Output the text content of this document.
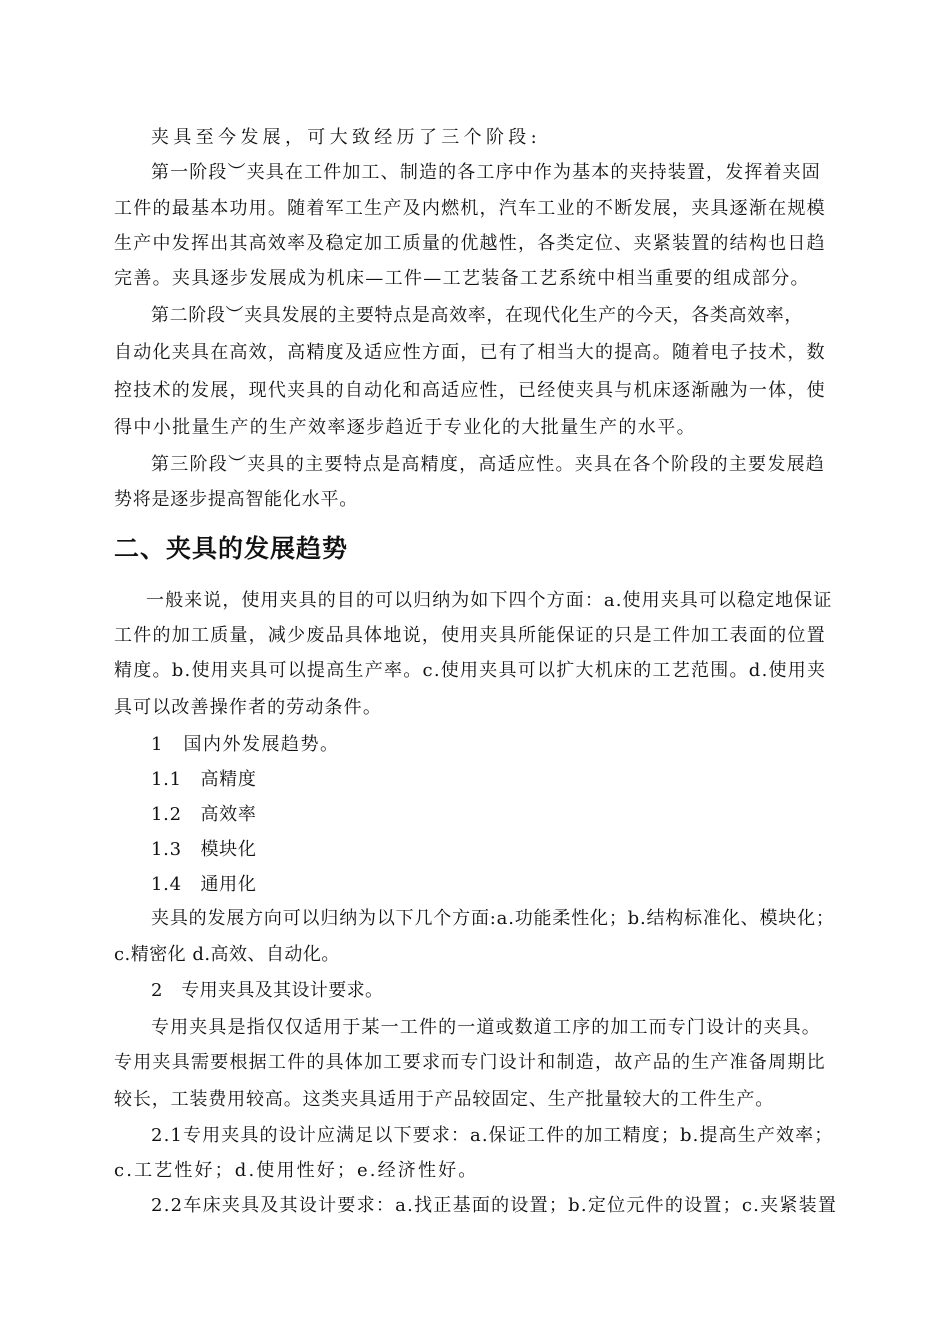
夹具至今发展，可大致经历了三个阶段:
第一阶段︶夹具在工件加工、制造的各工序中作为基本的夹持装置，发挥着夹固
工件的最基本功用。随着军工生产及内燃机，汽车工业的不断发展，夹具逐渐在规模
生产中发挥出其高效率及稳定加工质量的优越性，各类定位、夹紧装置的结构也日趋
完善。夹具逐步发展成为机床—工件—工艺装备工艺系统中相当重要的组成部分。
第二阶段︶夹具发展的主要特点是高效率，在现代化生产的今天，各类高效率，
自动化夹具在高效，高精度及适应性方面，已有了相当大的提高。随着电子技术，数
控技术的发展，现代夹具的自动化和高适应性，已经使夹具与机床逐渐融为一体，使
得中小批量生产的生产效率逐步趋近于专业化的大批量生产的水平。
第三阶段︶夹具的主要特点是高精度，高适应性。夹具在各个阶段的主要发展趋
势将是逐步提高智能化水平。
二、夹具的发展趋势
一般来说，使用夹具的目的可以归纳为如下四个方面：a.使用夹具可以稳定地保证
工件的加工质量，减少废品具体地说，使用夹具所能保证的只是工件加工表面的位置
精度。b.使用夹具可以提高生产率。c.使用夹具可以扩大机床的工艺范围。d.使用夹
具可以改善操作者的劳动条件。
1　国内外发展趋势。
1.1　高精度
1.2　高效率
1.3　模块化
1.4　通用化
夹具的发展方向可以归纳为以下几个方面:a.功能柔性化；b.结构标准化、模块化；
c.精密化 d.高效、自动化。
2　专用夹具及其设计要求。
专用夹具是指仅仅适用于某一工件的一道或数道工序的加工而专门设计的夹具。
专用夹具需要根据工件的具体加工要求而专门设计和制造，故产品的生产准备周期比
较长，工装费用较高。这类夹具适用于产品较固定、生产批量较大的工件生产。
2.1专用夹具的设计应满足以下要求：a.保证工件的加工精度；b.提高生产效率；
c.工艺性好；d.使用性好；e.经济性好。
2.2车床夹具及其设计要求：a.找正基面的设置；b.定位元件的设置；c.夹紧装置
